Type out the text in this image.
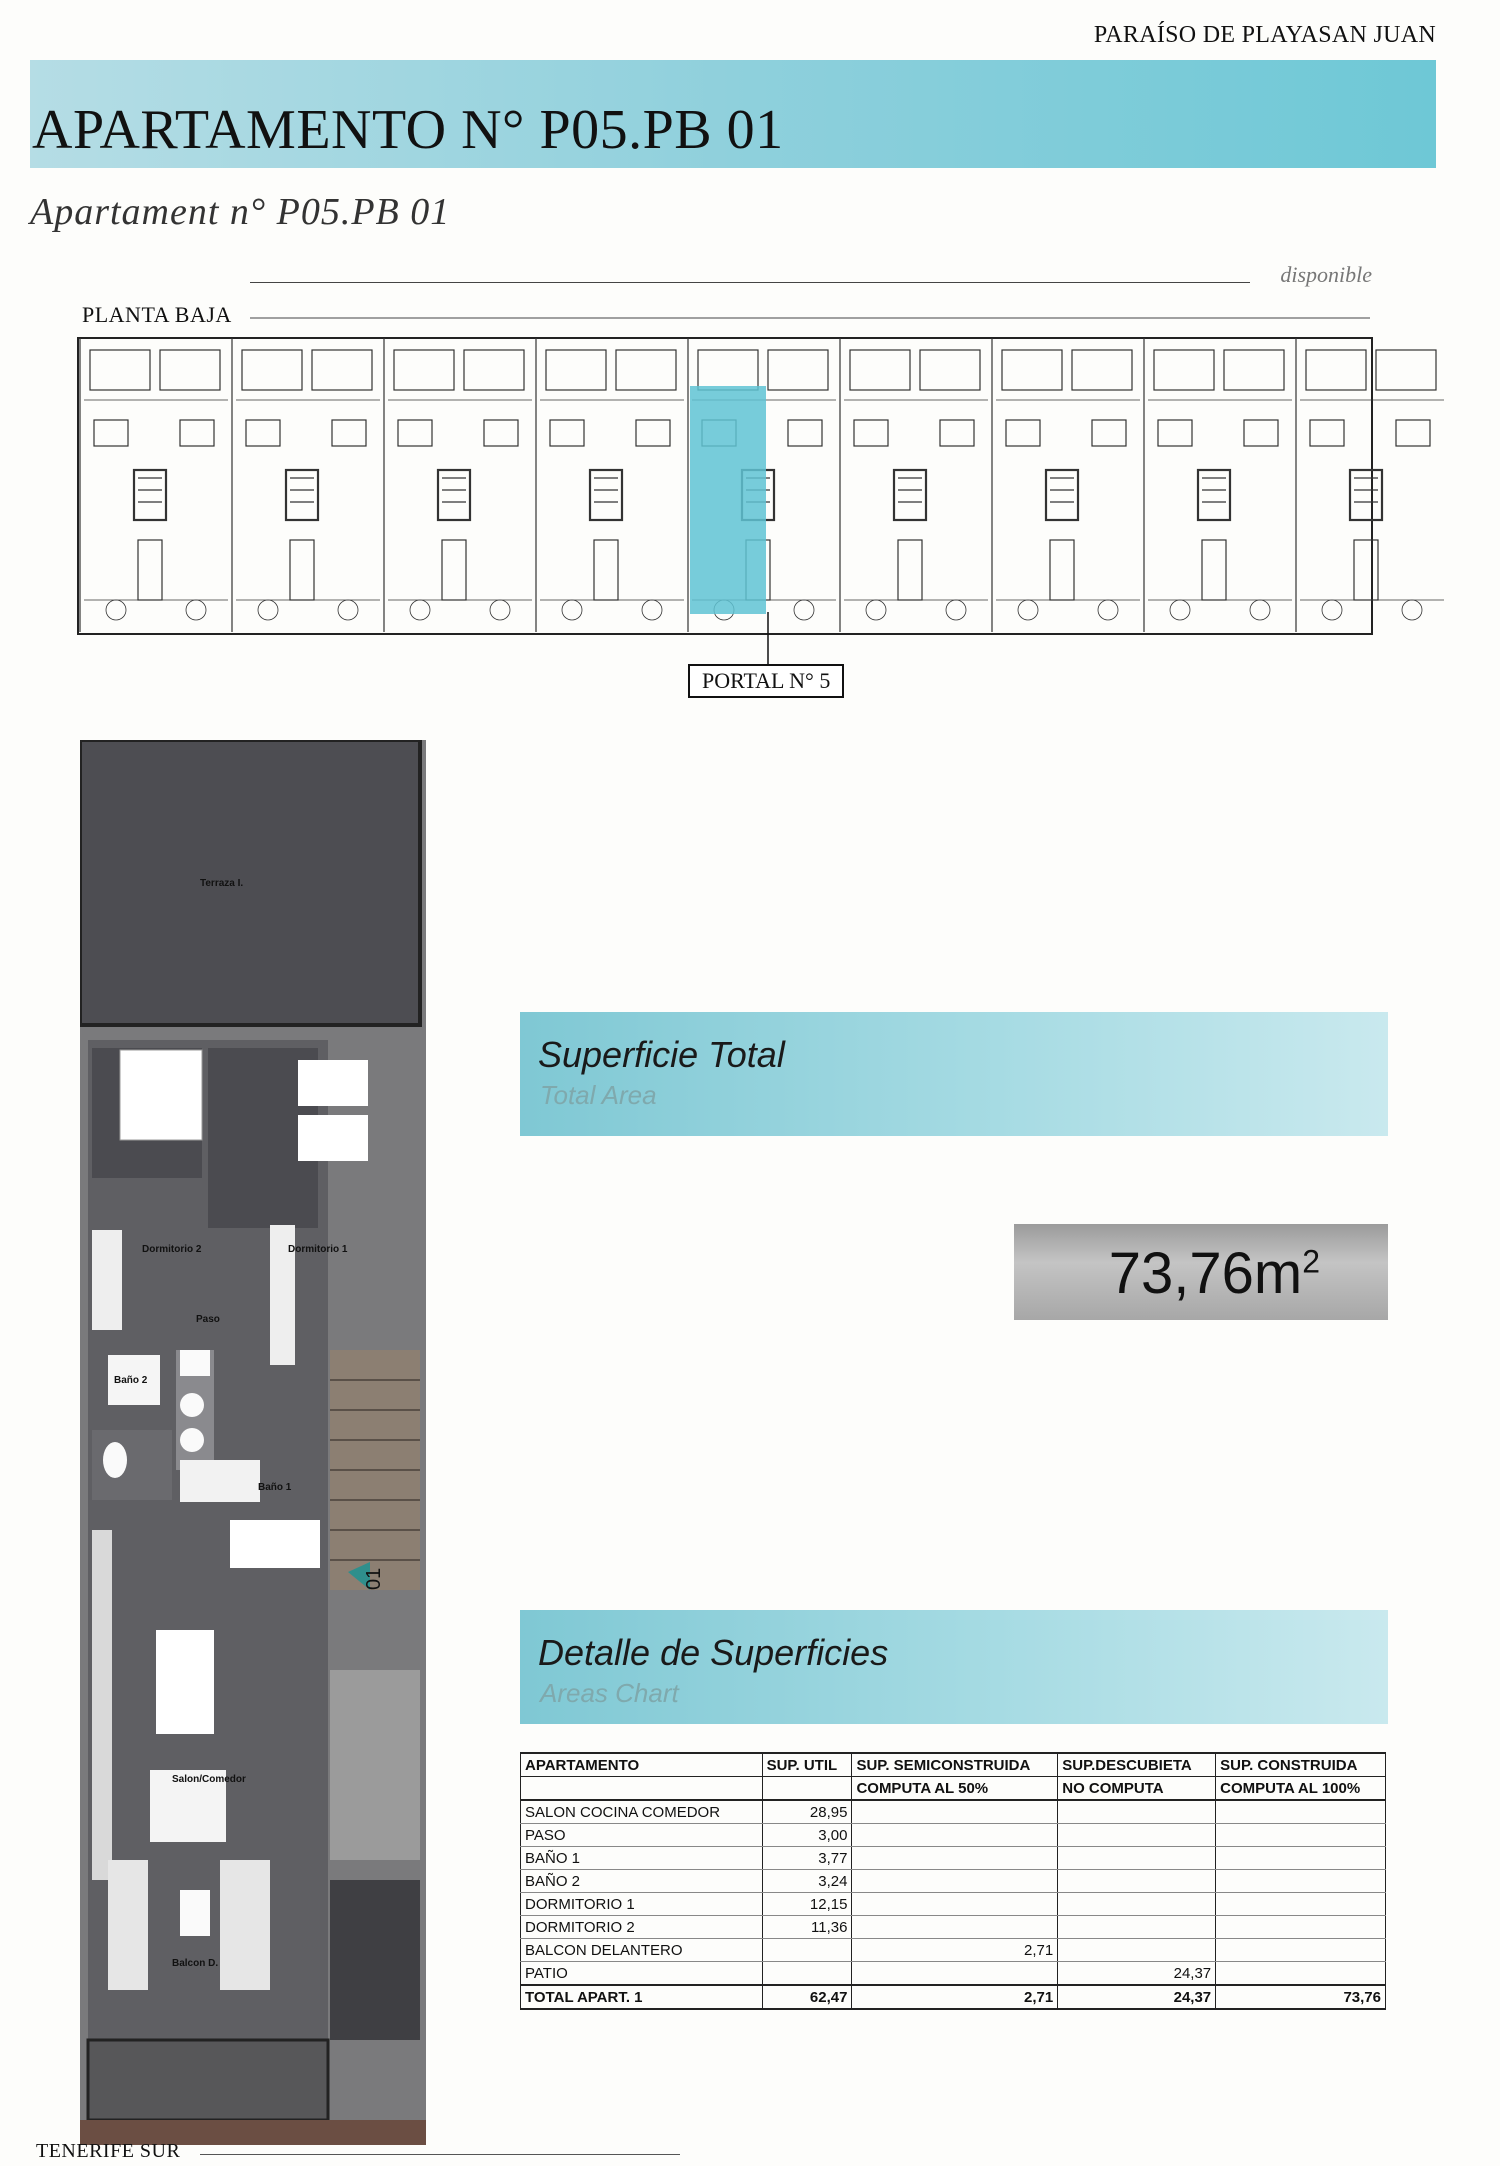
PARAÍSO DE PLAYASAN JUAN
APARTAMENTO N° P05.PB 01
Apartament n° P05.PB 01
disponible
PLANTA BAJA
PORTAL N° 5
01
Terraza I.
Dormitorio 2	Dormitorio 1
Paso
Baño 2
Baño 1
Salon/Comedor
Balcon D.
Superficie Total
Total Area
$73,76m^2$
Detalle de Superficies
Areas Chart
APARTAMENTO	SUP. UTIL	SUP. SEMICONSTRUIDA	SUP.DESCUBIETA	SUP. CONSTRUIDA
		COMPUTA AL 50%	NO COMPUTA	COMPUTA AL 100%
SALON COCINA COMEDOR	28,95			
PASO	3,00			
BAÑO 1	3,77			
BAÑO 2	3,24			
DORMITORIO 1	12,15			
DORMITORIO 2	11,36			
BALCON DELANTERO		2,71		
PATIO			24,37	
TOTAL APART. 1	62,47	2,71	24,37	73,76
TENERIFE SUR
